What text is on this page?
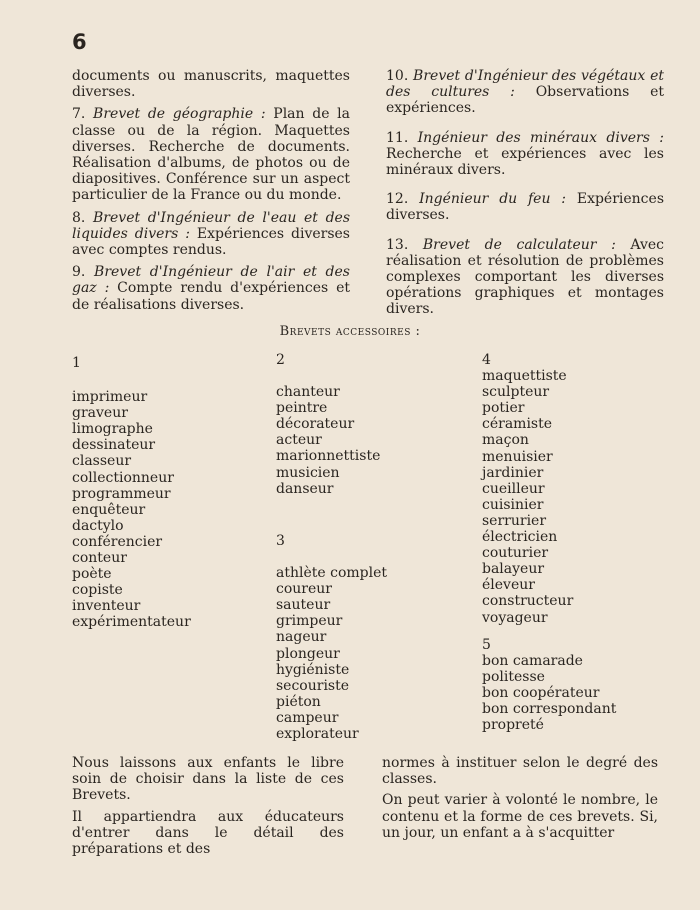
6

documents ou manuscrits, maquettes diverses.

7. Brevet de géographie : Plan de la classe ou de la région. Maquettes diverses. Recherche de documents. Réalisation d'albums, de photos ou de diapositives. Conférence sur un aspect particulier de la France ou du monde.

8. Brevet d'Ingénieur de l'eau et des liquides divers : Expériences diverses avec comptes rendus.

9. Brevet d'Ingénieur de l'air et des gaz : Compte rendu d'expériences et de réalisations diverses.

10. Brevet d'Ingénieur des végétaux et des cultures : Observations et expériences.

11. Ingénieur des minéraux divers : Recherche et expériences avec les minéraux divers.

12. Ingénieur du feu : Expériences diverses.

13. Brevet de calculateur : Avec réalisation et résolution de problèmes complexes comportant les diverses opérations graphiques et montages divers.

Brevets accessoires :
1
imprimeur
graveur
limographe
dessinateur
classeur
collectionneur
programmeur
enquêteur
dactylo
conférencier
conteur
poète
copiste
inventeur
expérimentateur
2
chanteur
peintre
décorateur
acteur
marionnettiste
musicien
danseur
3
athlète complet
coureur
sauteur
grimpeur
nageur
plongeur
hygiéniste
secouriste
piéton
campeur
explorateur
4
maquettiste
sculpteur
potier
céramiste
maçon
menuisier
jardinier
cueilleur
cuisinier
serrurier
électricien
couturier
balayeur
éleveur
constructeur
voyageur
5
bon camarade
politesse
bon coopérateur
bon correspondant
propreté

Nous laissons aux enfants le libre soin de choisir dans la liste de ces Brevets.

Il appartiendra aux éducateurs d'entrer dans le détail des préparations et des

normes à instituer selon le degré des classes.

On peut varier à volonté le nombre, le contenu et la forme de ces brevets. Si, un jour, un enfant a à s'acquitter
